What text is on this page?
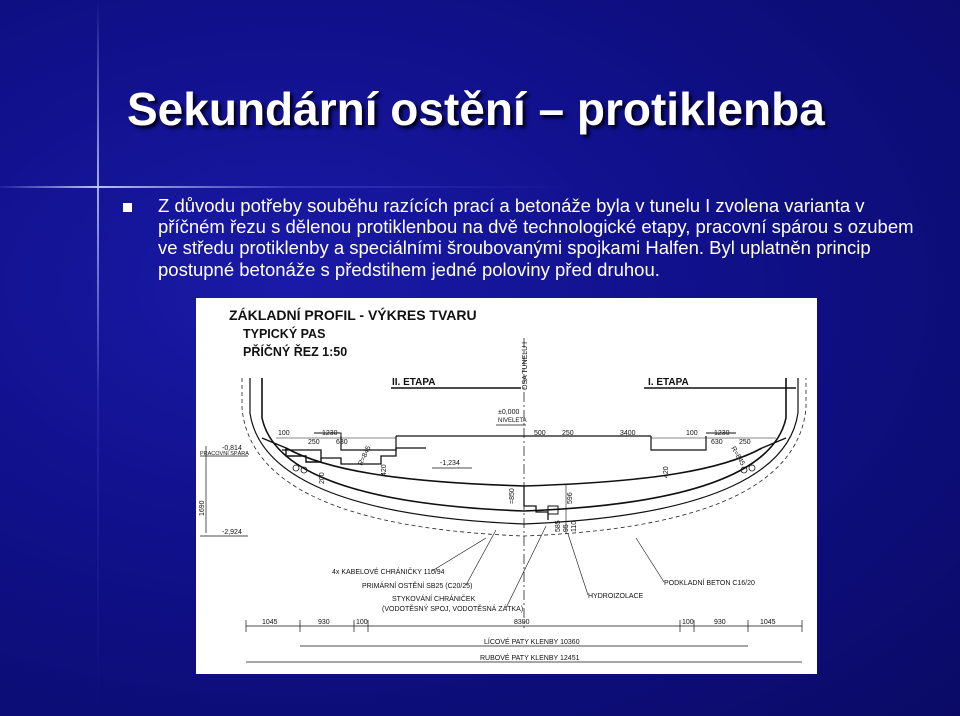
Sekundární ostění – protiklenba

Z důvodu potřeby souběhu razících prací a betonáže byla v tunelu I zvolena varianta v příčném řezu s dělenou protiklenbou na dvě technologické etapy, pracovní spárou s ozubem ve středu protiklenby a speciálními šroubovanými spojkami Halfen. Byl uplatněn princip postupné betonáže s předstihem jedné poloviny před druhou.

ZÁKLADNÍ PROFIL - VÝKRES TVARU
TYPICKÝ PAS
PŘÍČNÝ ŘEZ 1:50	OSA TUNELU I
II. ETAPA	I. ETAPA
±0,000
NIVELETA
1690
-0,814
PRACOVNÍ SPÁRA
-2,924
-1,234
100	1230
250 630
500 250	3400	100 1230
630 250
R=845	R=845
420	420
200
=850	596
585 95 110
4x KABELOVÉ CHRÁNIČKY 110/94
PRIMÁRNÍ OSTĚNÍ SB25 (C20/25)
STYKOVÁNÍ CHRÁNIČEK
(VODOTĚSNÝ SPOJ, VODOTĚSNÁ ZÁTKA)
HYDROIZOLACE
PODKLADNÍ BETON C16/20
1045	930	100	8300	100	930	1045
LÍCOVÉ PATY KLENBY 10360
RUBOVÉ PATY KLENBY 12451
